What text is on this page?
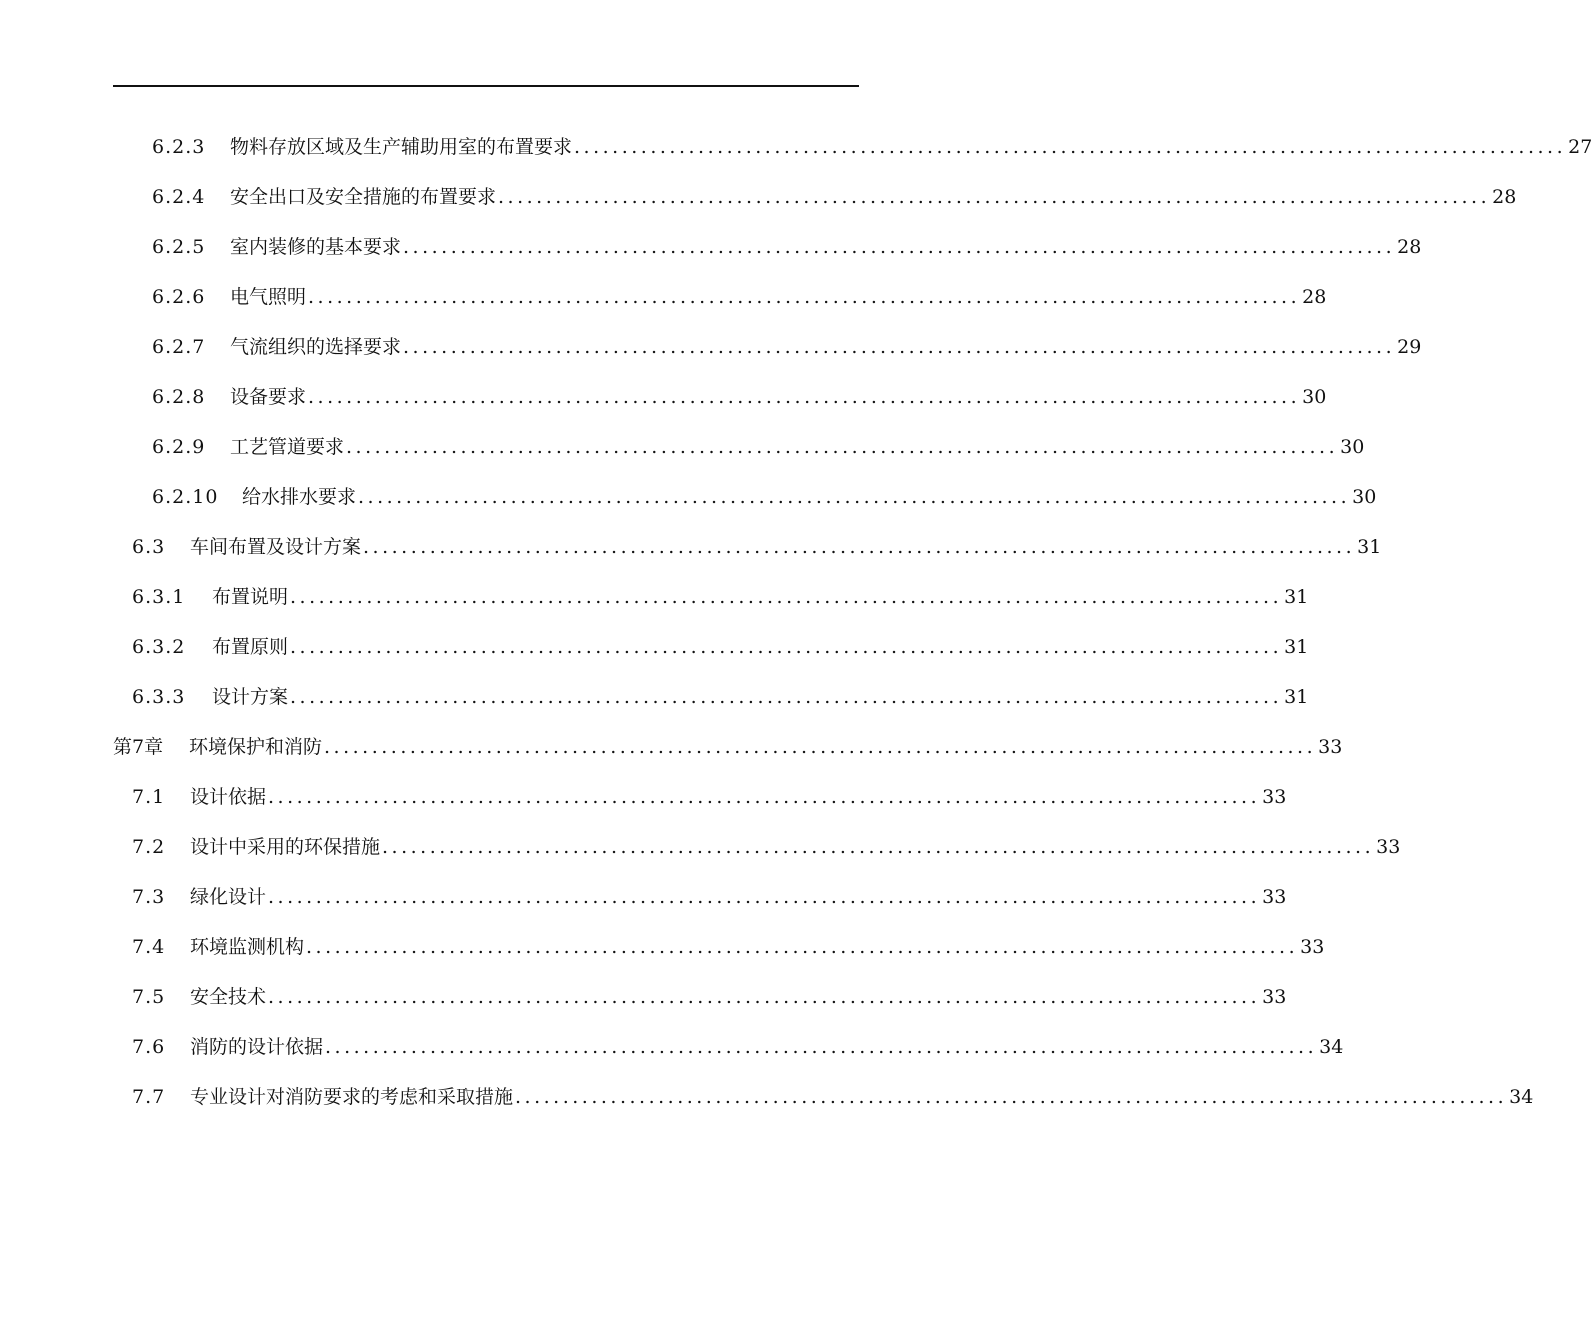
6.2.3	物料存放区域及生产辅助用室的布置要求 ........................................................................................................ 27
6.2.4	安全出口及安全措施的布置要求 ........................................................................................................ 28
6.2.5	室内装修的基本要求 ........................................................................................................ 28
6.2.6	电气照明 ........................................................................................................ 28
6.2.7	气流组织的选择要求 ........................................................................................................ 29
6.2.8	设备要求 ........................................................................................................ 30
6.2.9	工艺管道要求 ........................................................................................................ 30
6.2.10	给水排水要求 ........................................................................................................ 30
6.3	车间布置及设计方案 ........................................................................................................ 31
6.3.1	布置说明 ........................................................................................................ 31
6.3.2	布置原则 ........................................................................................................ 31
6.3.3	设计方案 ........................................................................................................ 31
第7章	环境保护和消防 ........................................................................................................ 33
7.1	设计依据 ........................................................................................................ 33
7.2	设计中采用的环保措施 ........................................................................................................ 33
7.3	绿化设计 ........................................................................................................ 33
7.4	环境监测机构 ........................................................................................................ 33
7.5	安全技术 ........................................................................................................ 33
7.6	消防的设计依据 ........................................................................................................ 34
7.7	专业设计对消防要求的考虑和采取措施 ........................................................................................................ 34
